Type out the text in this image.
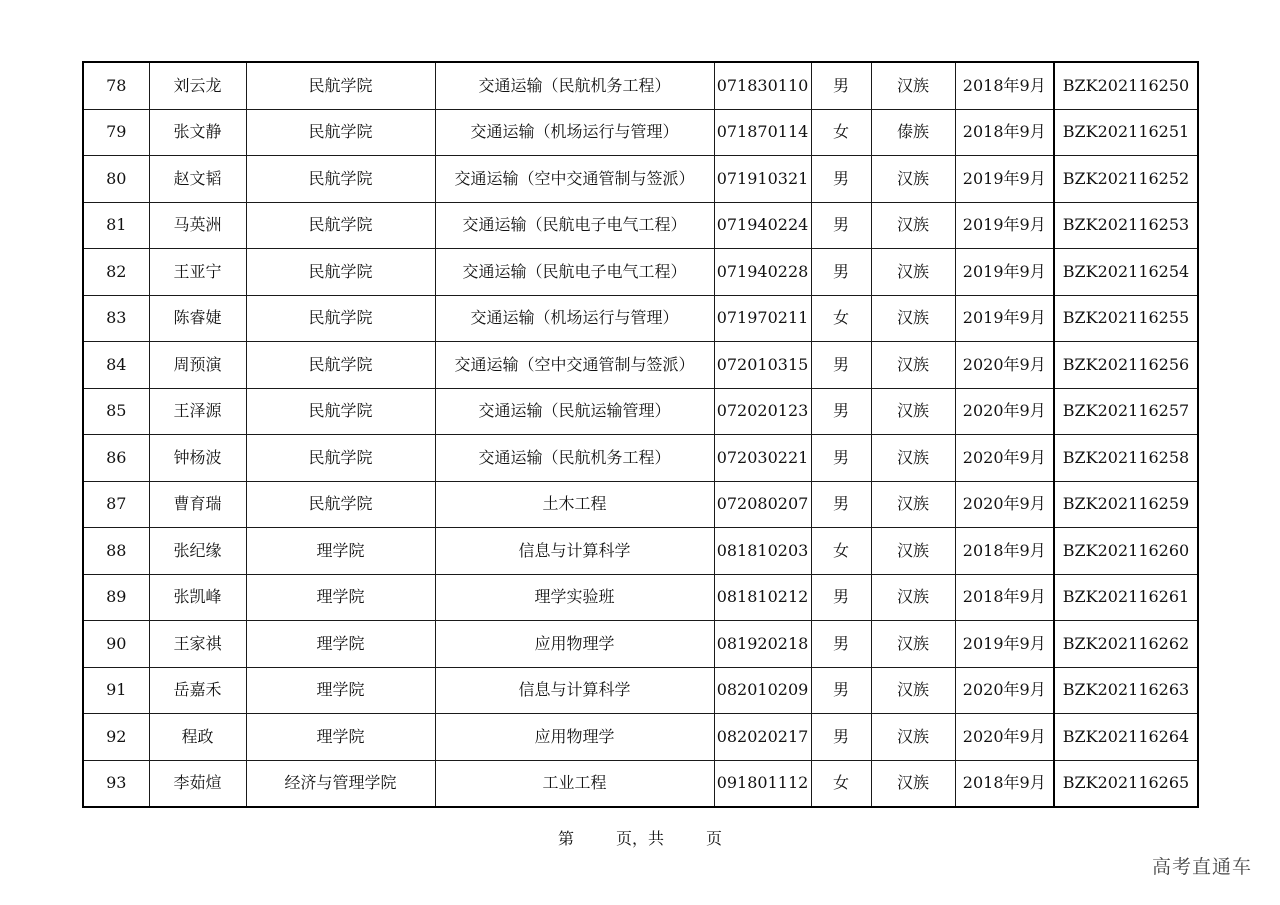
78	刘云龙	民航学院	交通运输（民航机务工程）	071830110	男	汉族	2018年9月	BZK202116250
79	张文静	民航学院	交通运输（机场运行与管理）	071870114	女	傣族	2018年9月	BZK202116251
80	赵文韬	民航学院	交通运输（空中交通管制与签派）	071910321	男	汉族	2019年9月	BZK202116252
81	马英洲	民航学院	交通运输（民航电子电气工程）	071940224	男	汉族	2019年9月	BZK202116253
82	王亚宁	民航学院	交通运输（民航电子电气工程）	071940228	男	汉族	2019年9月	BZK202116254
83	陈睿婕	民航学院	交通运输（机场运行与管理）	071970211	女	汉族	2019年9月	BZK202116255
84	周预演	民航学院	交通运输（空中交通管制与签派）	072010315	男	汉族	2020年9月	BZK202116256
85	王泽源	民航学院	交通运输（民航运输管理）	072020123	男	汉族	2020年9月	BZK202116257
86	钟杨波	民航学院	交通运输（民航机务工程）	072030221	男	汉族	2020年9月	BZK202116258
87	曹育瑞	民航学院	土木工程	072080207	男	汉族	2020年9月	BZK202116259
88	张纪缘	理学院	信息与计算科学	081810203	女	汉族	2018年9月	BZK202116260
89	张凯峰	理学院	理学实验班	081810212	男	汉族	2018年9月	BZK202116261
90	王家祺	理学院	应用物理学	081920218	男	汉族	2019年9月	BZK202116262
91	岳嘉禾	理学院	信息与计算科学	082010209	男	汉族	2020年9月	BZK202116263
92	程政	理学院	应用物理学	082020217	男	汉族	2020年9月	BZK202116264
93	李茹煊	经济与管理学院	工业工程	091801112	女	汉族	2018年9月	BZK202116265
第	页，共	页
高考直通车
